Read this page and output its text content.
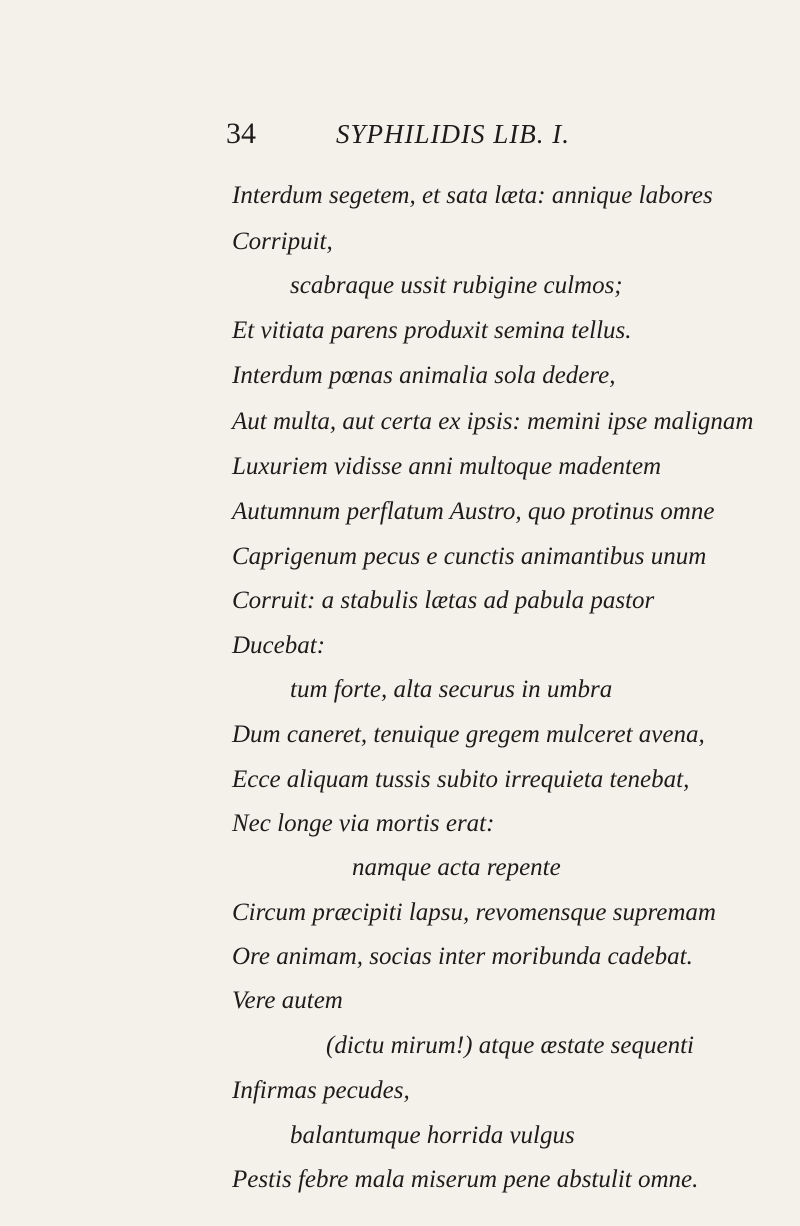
34	SYPHILIDIS LIB. I.
Interdum segetem, et sata læta: annique labores
Corripuit,
scabraque ussit rubigine culmos;
Et vitiata parens produxit semina tellus.
Interdum pœnas animalia sola dedere,
Aut multa, aut certa ex ipsis: memini ipse malignam
Luxuriem vidisse anni multoque madentem
Autumnum perflatum Austro, quo protinus omne
Caprigenum pecus e cunctis animantibus unum
Corruit: a stabulis lætas ad pabula pastor
Ducebat:
tum forte, alta securus in umbra
Dum caneret, tenuique gregem mulceret avena,
Ecce aliquam tussis subito irrequieta tenebat,
Nec longe via mortis erat:
namque acta repente
Circum præcipiti lapsu, revomensque supremam
Ore animam, socias inter moribunda cadebat.
Vere autem
(dictu mirum!) atque æstate sequenti
Infirmas pecudes,
balantumque horrida vulgus
Pestis febre mala miserum pene abstulit omne.
